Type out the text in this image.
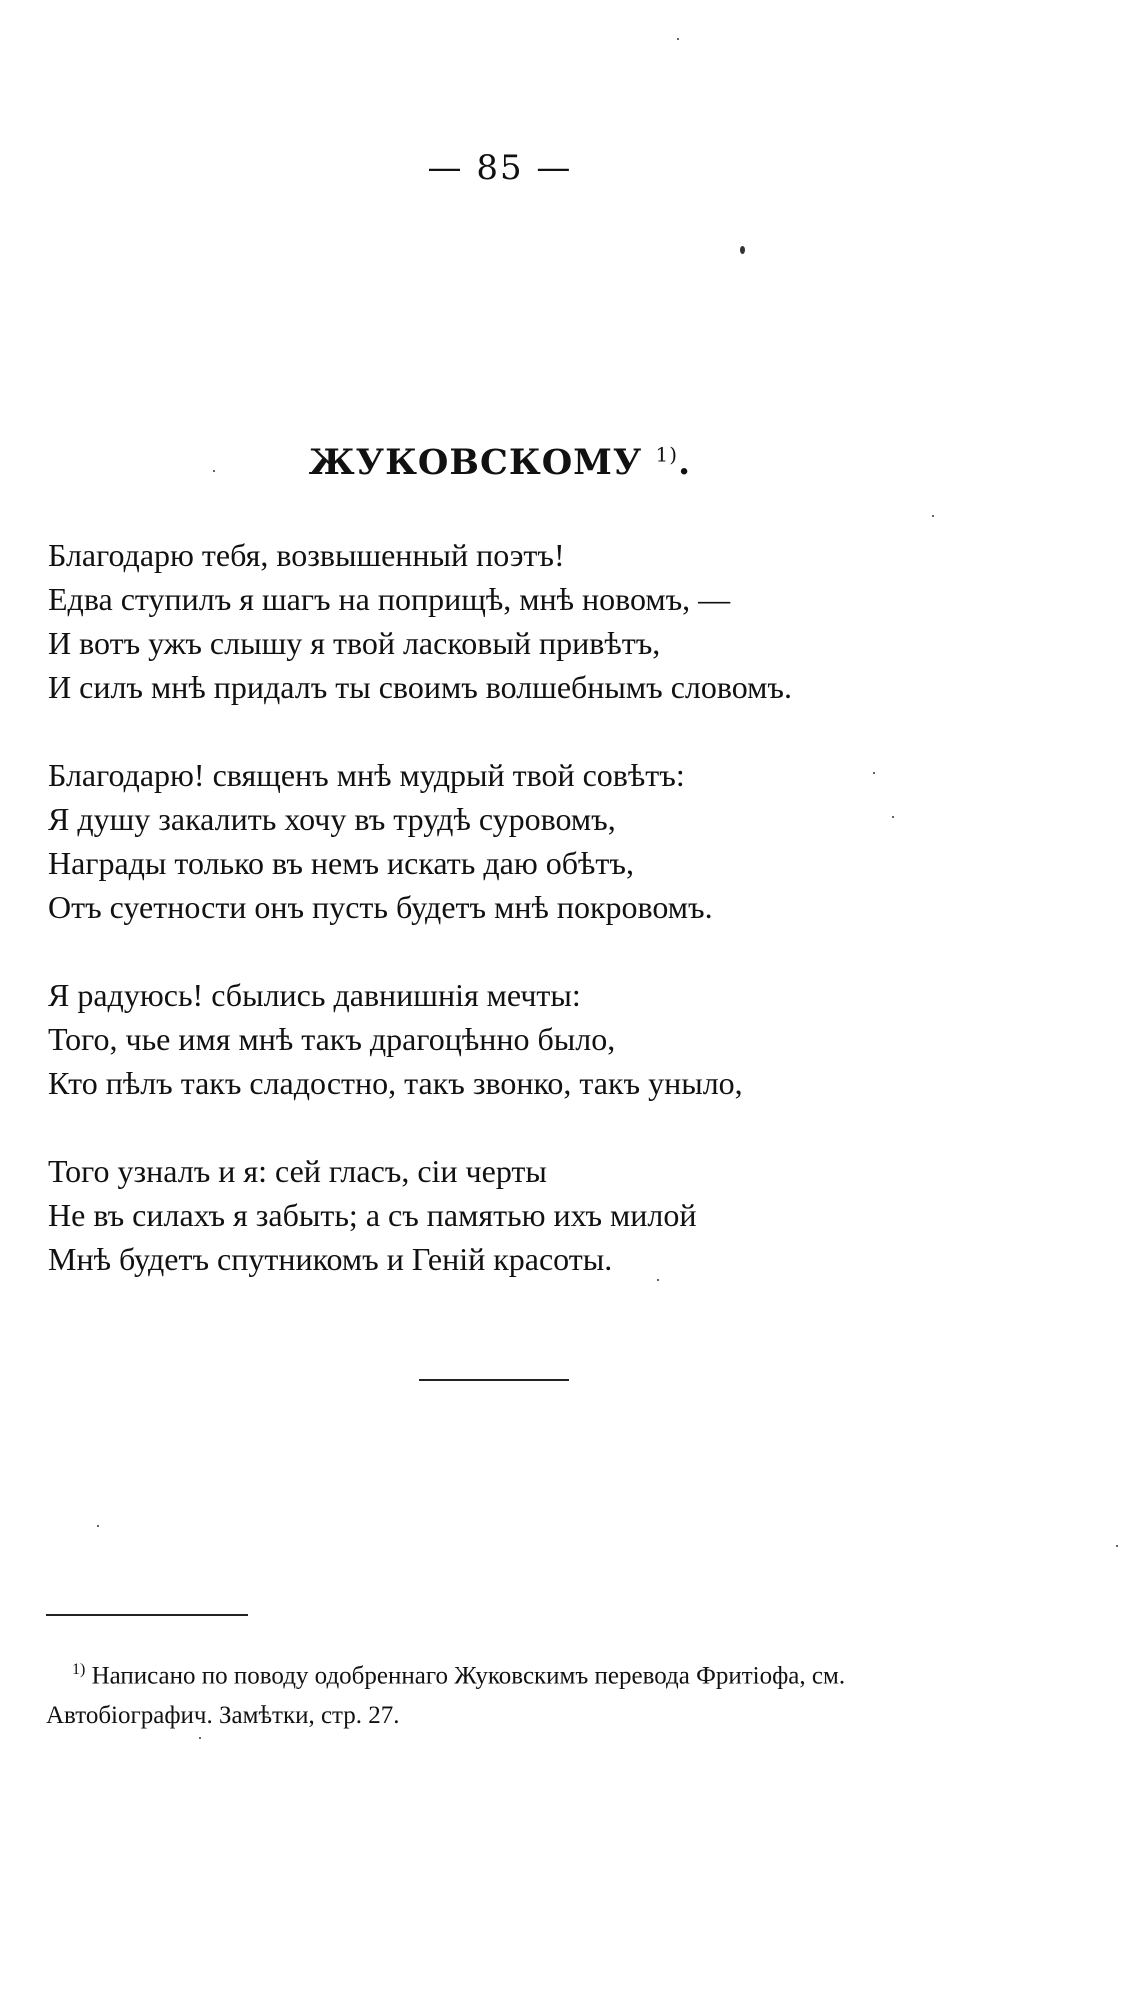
— 85 —
ЖУКОВСКОМУ $^{1)}$.
Благодарю тебя, возвышенный поэтъ!
Едва ступилъ я шагъ на поприщѣ, мнѣ новомъ, —
И вотъ ужъ слышу я твой ласковый привѣтъ,
И силъ мнѣ придалъ ты своимъ волшебнымъ словомъ.
Благодарю! священъ мнѣ мудрый твой совѣтъ:
Я душу закалить хочу въ трудѣ суровомъ,
Награды только въ немъ искать даю обѣтъ,
Отъ суетности онъ пусть будетъ мнѣ покровомъ.
Я радуюсь! сбылись давнишнія мечты:
Того, чье имя мнѣ такъ драгоцѣнно было,
Кто пѣлъ такъ сладостно, такъ звонко, такъ уныло,
Того узналъ и я: сей гласъ, сіи черты
Не въ силахъ я забыть; а съ памятью ихъ милой
Мнѣ будетъ спутникомъ и Геній красоты.
$^{1)}$ Написано по поводу одобреннаго Жуковскимъ перевода Фритіофа, см.
Автобіографич. Замѣтки, стр. 27.
